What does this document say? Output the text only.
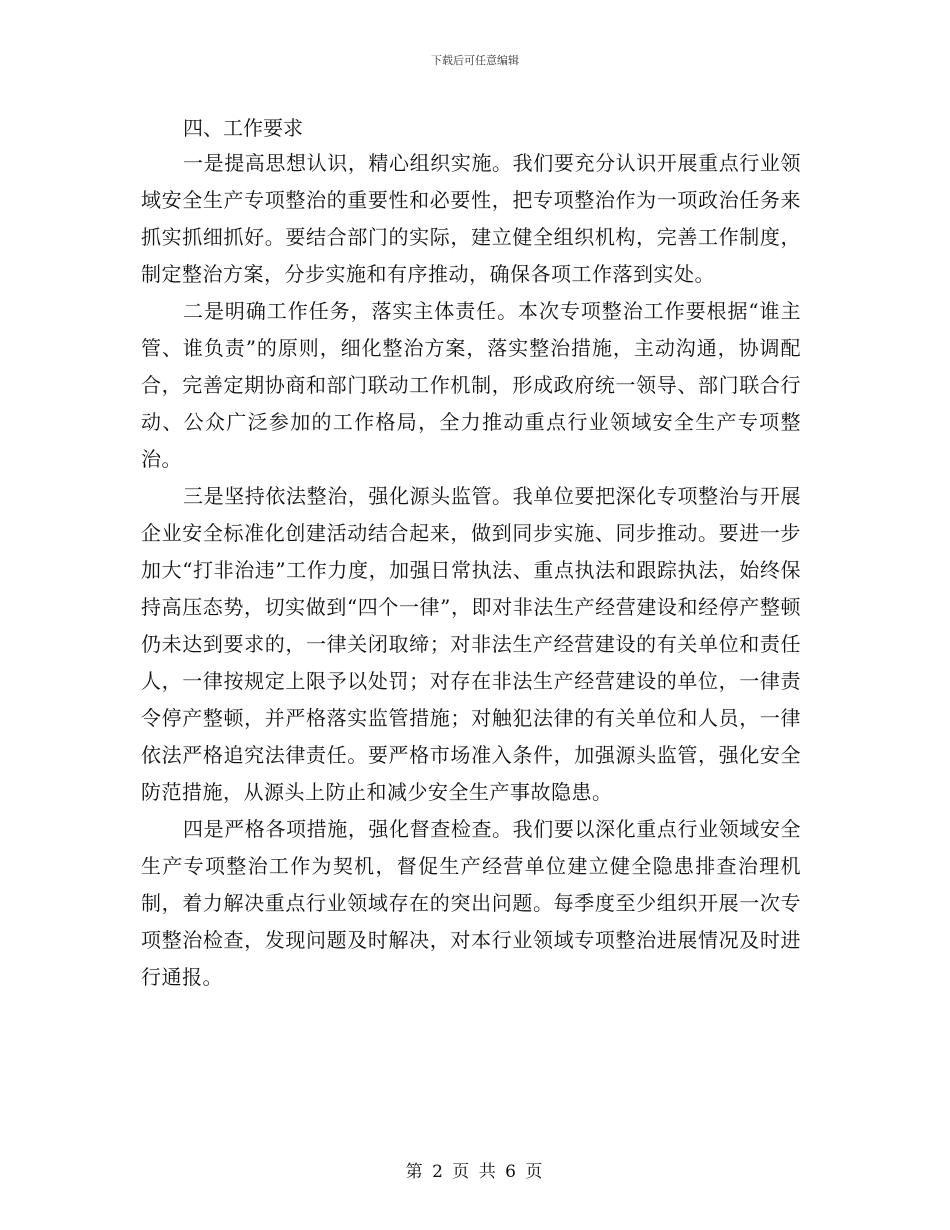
下载后可任意编辑

四、工作要求

一是提高思想认识，精心组织实施。我们要充分认识开展重点行业领域安全生产专项整治的重要性和必要性，把专项整治作为一项政治任务来抓实抓细抓好。要结合部门的实际，建立健全组织机构，完善工作制度，制定整治方案，分步实施和有序推动，确保各项工作落到实处。

二是明确工作任务，落实主体责任。本次专项整治工作要根据“谁主管、谁负责”的原则，细化整治方案，落实整治措施，主动沟通，协调配合，完善定期协商和部门联动工作机制，形成政府统一领导、部门联合行动、公众广泛参加的工作格局，全力推动重点行业领域安全生产专项整治。

三是坚持依法整治，强化源头监管。我单位要把深化专项整治与开展企业安全标准化创建活动结合起来，做到同步实施、同步推动。要进一步加大“打非治违”工作力度，加强日常执法、重点执法和跟踪执法，始终保持高压态势，切实做到“四个一律”，即对非法生产经营建设和经停产整顿仍未达到要求的，一律关闭取缔；对非法生产经营建设的有关单位和责任人，一律按规定上限予以处罚；对存在非法生产经营建设的单位，一律责令停产整顿，并严格落实监管措施；对触犯法律的有关单位和人员，一律依法严格追究法律责任。要严格市场准入条件，加强源头监管，强化安全防范措施，从源头上防止和减少安全生产事故隐患。

四是严格各项措施，强化督查检查。我们要以深化重点行业领域安全生产专项整治工作为契机，督促生产经营单位建立健全隐患排查治理机制，着力解决重点行业领域存在的突出问题。每季度至少组织开展一次专项整治检查，发现问题及时解决，对本行业领域专项整治进展情况及时进行通报。

第 2 页 共 6 页
